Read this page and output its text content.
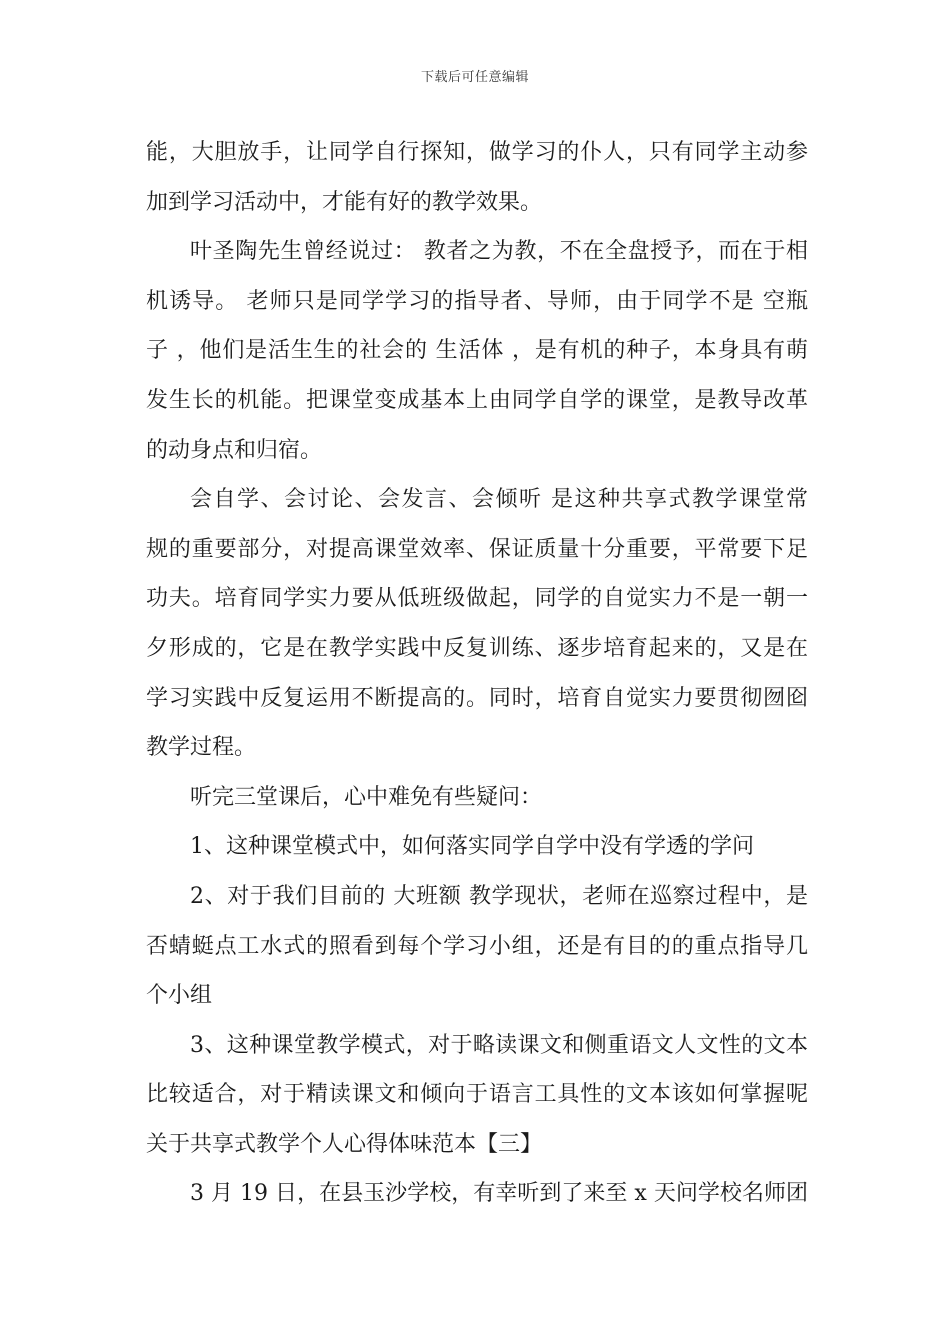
下载后可任意编辑
能，大胆放手，让同学自行探知，做学习的仆人，只有同学主动参
加到学习活动中，才能有好的教学效果。
叶圣陶先生曾经说过： 教者之为教，不在全盘授予，而在于相
机诱导。 老师只是同学学习的指导者、导师，由于同学不是 空瓶
子 ，他们是活生生的社会的 生活体 ，是有机的种子，本身具有萌
发生长的机能。把课堂变成基本上由同学自学的课堂，是教导改革
的动身点和归宿。
会自学、会讨论、会发言、会倾听 是这种共享式教学课堂常
规的重要部分，对提高课堂效率、保证质量十分重要，平常要下足
功夫。培育同学实力要从低班级做起，同学的自觉实力不是一朝一
夕形成的，它是在教学实践中反复训练、逐步培育起来的，又是在
学习实践中反复运用不断提高的。同时，培育自觉实力要贯彻囫囵
教学过程。
听完三堂课后，心中难免有些疑问：
1、这种课堂模式中，如何落实同学自学中没有学透的学问
2、对于我们目前的 大班额 教学现状，老师在巡察过程中，是
否蜻蜓点工水式的照看到每个学习小组，还是有目的的重点指导几
个小组
3、这种课堂教学模式，对于略读课文和侧重语文人文性的文本
比较适合，对于精读课文和倾向于语言工具性的文本该如何掌握呢
关于共享式教学个人心得体味范本【三】
3 月 19 日，在县玉沙学校，有幸听到了来至 x 天问学校名师团
